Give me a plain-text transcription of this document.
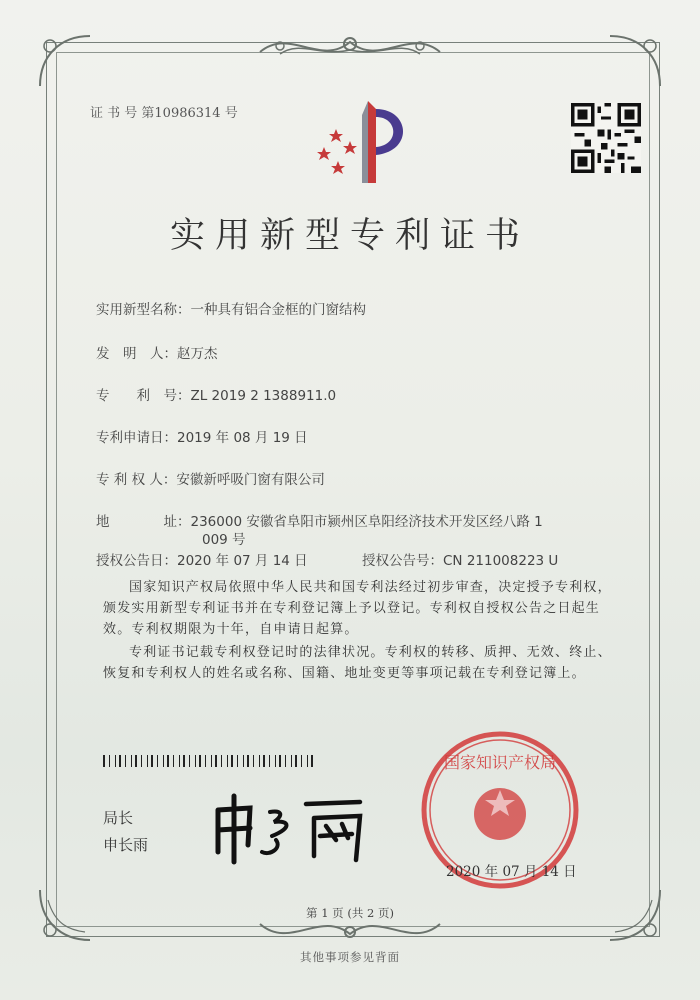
证 书 号 第10986314 号
实用新型专利证书
实用新型名称：一种具有铝合金框的门窗结构
发　明　人：赵万杰
专　　利　号：ZL 2019 2 1388911.0
专利申请日：2019 年 08 月 19 日
专 利 权 人：安徽新呼吸门窗有限公司
地　　　　址：236000 安徽省阜阳市颍州区阜阳经济技术开发区经八路 1
009 号
授权公告日：2020 年 07 月 14 日	授权公告号：CN 211008223 U
国家知识产权局依照中华人民共和国专利法经过初步审查，决定授予专利权，颁发实用新型专利证书并在专利登记簿上予以登记。专利权自授权公告之日起生效。专利权期限为十年，自申请日起算。
专利证书记载专利权登记时的法律状况。专利权的转移、质押、无效、终止、恢复和专利权人的姓名或名称、国籍、地址变更等事项记载在专利登记簿上。
局长
申长雨
国家知识产权局
2020 年 07 月 14 日
第 1 页 (共 2 页)
其他事项参见背面
